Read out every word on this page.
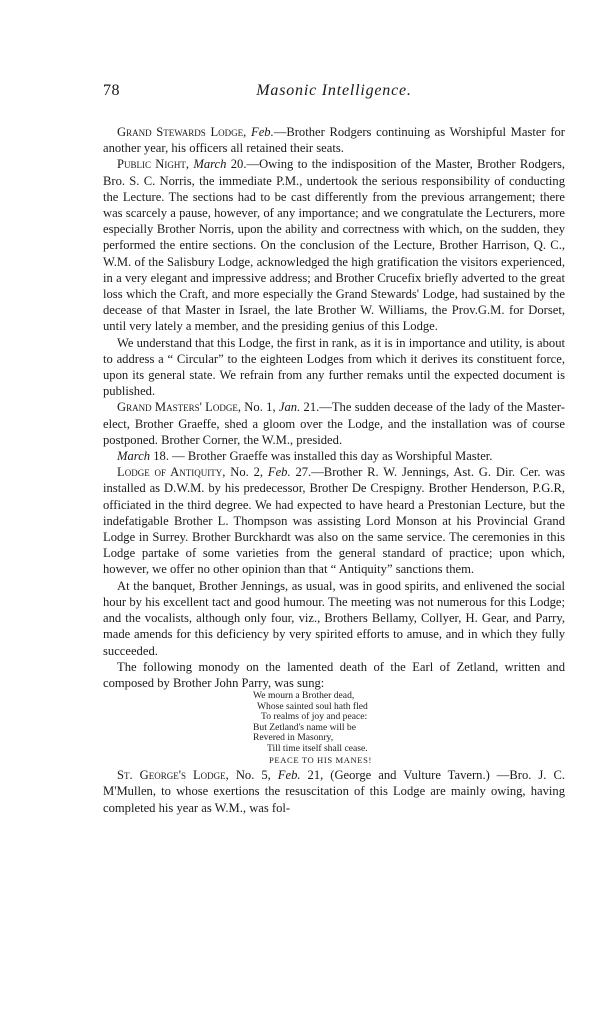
78	Masonic Intelligence.

Grand Stewards Lodge, Feb.—Brother Rodgers continuing as Worshipful Master for another year, his officers all retained their seats.

Public Night, March 20.—Owing to the indisposition of the Master, Brother Rodgers, Bro. S. C. Norris, the immediate P.M., undertook the serious responsibility of conducting the Lecture. The sections had to be cast differently from the previous arrangement; there was scarcely a pause, however, of any importance; and we congratulate the Lecturers, more especially Brother Norris, upon the ability and correctness with which, on the sudden, they performed the entire sections. On the conclusion of the Lecture, Brother Harrison, Q. C., W.M. of the Salisbury Lodge, acknowledged the high gratification the visitors experienced, in a very elegant and impressive address; and Brother Crucefix briefly adverted to the great loss which the Craft, and more especially the Grand Stewards' Lodge, had sustained by the decease of that Master in Israel, the late Brother W. Williams, the Prov.G.M. for Dorset, until very lately a member, and the presiding genius of this Lodge.

We understand that this Lodge, the first in rank, as it is in importance and utility, is about to address a “ Circular” to the eighteen Lodges from which it derives its constituent force, upon its general state. We refrain from any further remaks until the expected document is published.

Grand Masters' Lodge, No. 1, Jan. 21.—The sudden decease of the lady of the Master-elect, Brother Graeffe, shed a gloom over the Lodge, and the installation was of course postponed. Brother Corner, the W.M., presided.

March 18. — Brother Graeffe was installed this day as Worshipful Master.

Lodge of Antiquity, No. 2, Feb. 27.—Brother R. W. Jennings, Ast. G. Dir. Cer. was installed as D.W.M. by his predecessor, Brother De Crespigny. Brother Henderson, P.G.R, officiated in the third degree. We had expected to have heard a Prestonian Lecture, but the indefatigable Brother L. Thompson was assisting Lord Monson at his Provincial Grand Lodge in Surrey. Brother Burckhardt was also on the same service. The ceremonies in this Lodge partake of some varieties from the general standard of practice; upon which, however, we offer no other opinion than that “ Antiquity” sanctions them.

At the banquet, Brother Jennings, as usual, was in good spirits, and enlivened the social hour by his excellent tact and good humour. The meeting was not numerous for this Lodge; and the vocalists, although only four, viz., Brothers Bellamy, Collyer, H. Gear, and Parry, made amends for this deficiency by very spirited efforts to amuse, and in which they fully succeeded.

The following monody on the lamented death of the Earl of Zetland, written and composed by Brother John Parry, was sung:

We mourn a Brother dead,
Whose sainted soul hath fled
To realms of joy and peace:
But Zetland's name will be
Revered in Masonry,
Till time itself shall cease.
PEACE TO HIS MANES!

St. George's Lodge, No. 5, Feb. 21, (George and Vulture Tavern.) —Bro. J. C. M'Mullen, to whose exertions the resuscitation of this Lodge are mainly owing, having completed his year as W.M., was fol-
